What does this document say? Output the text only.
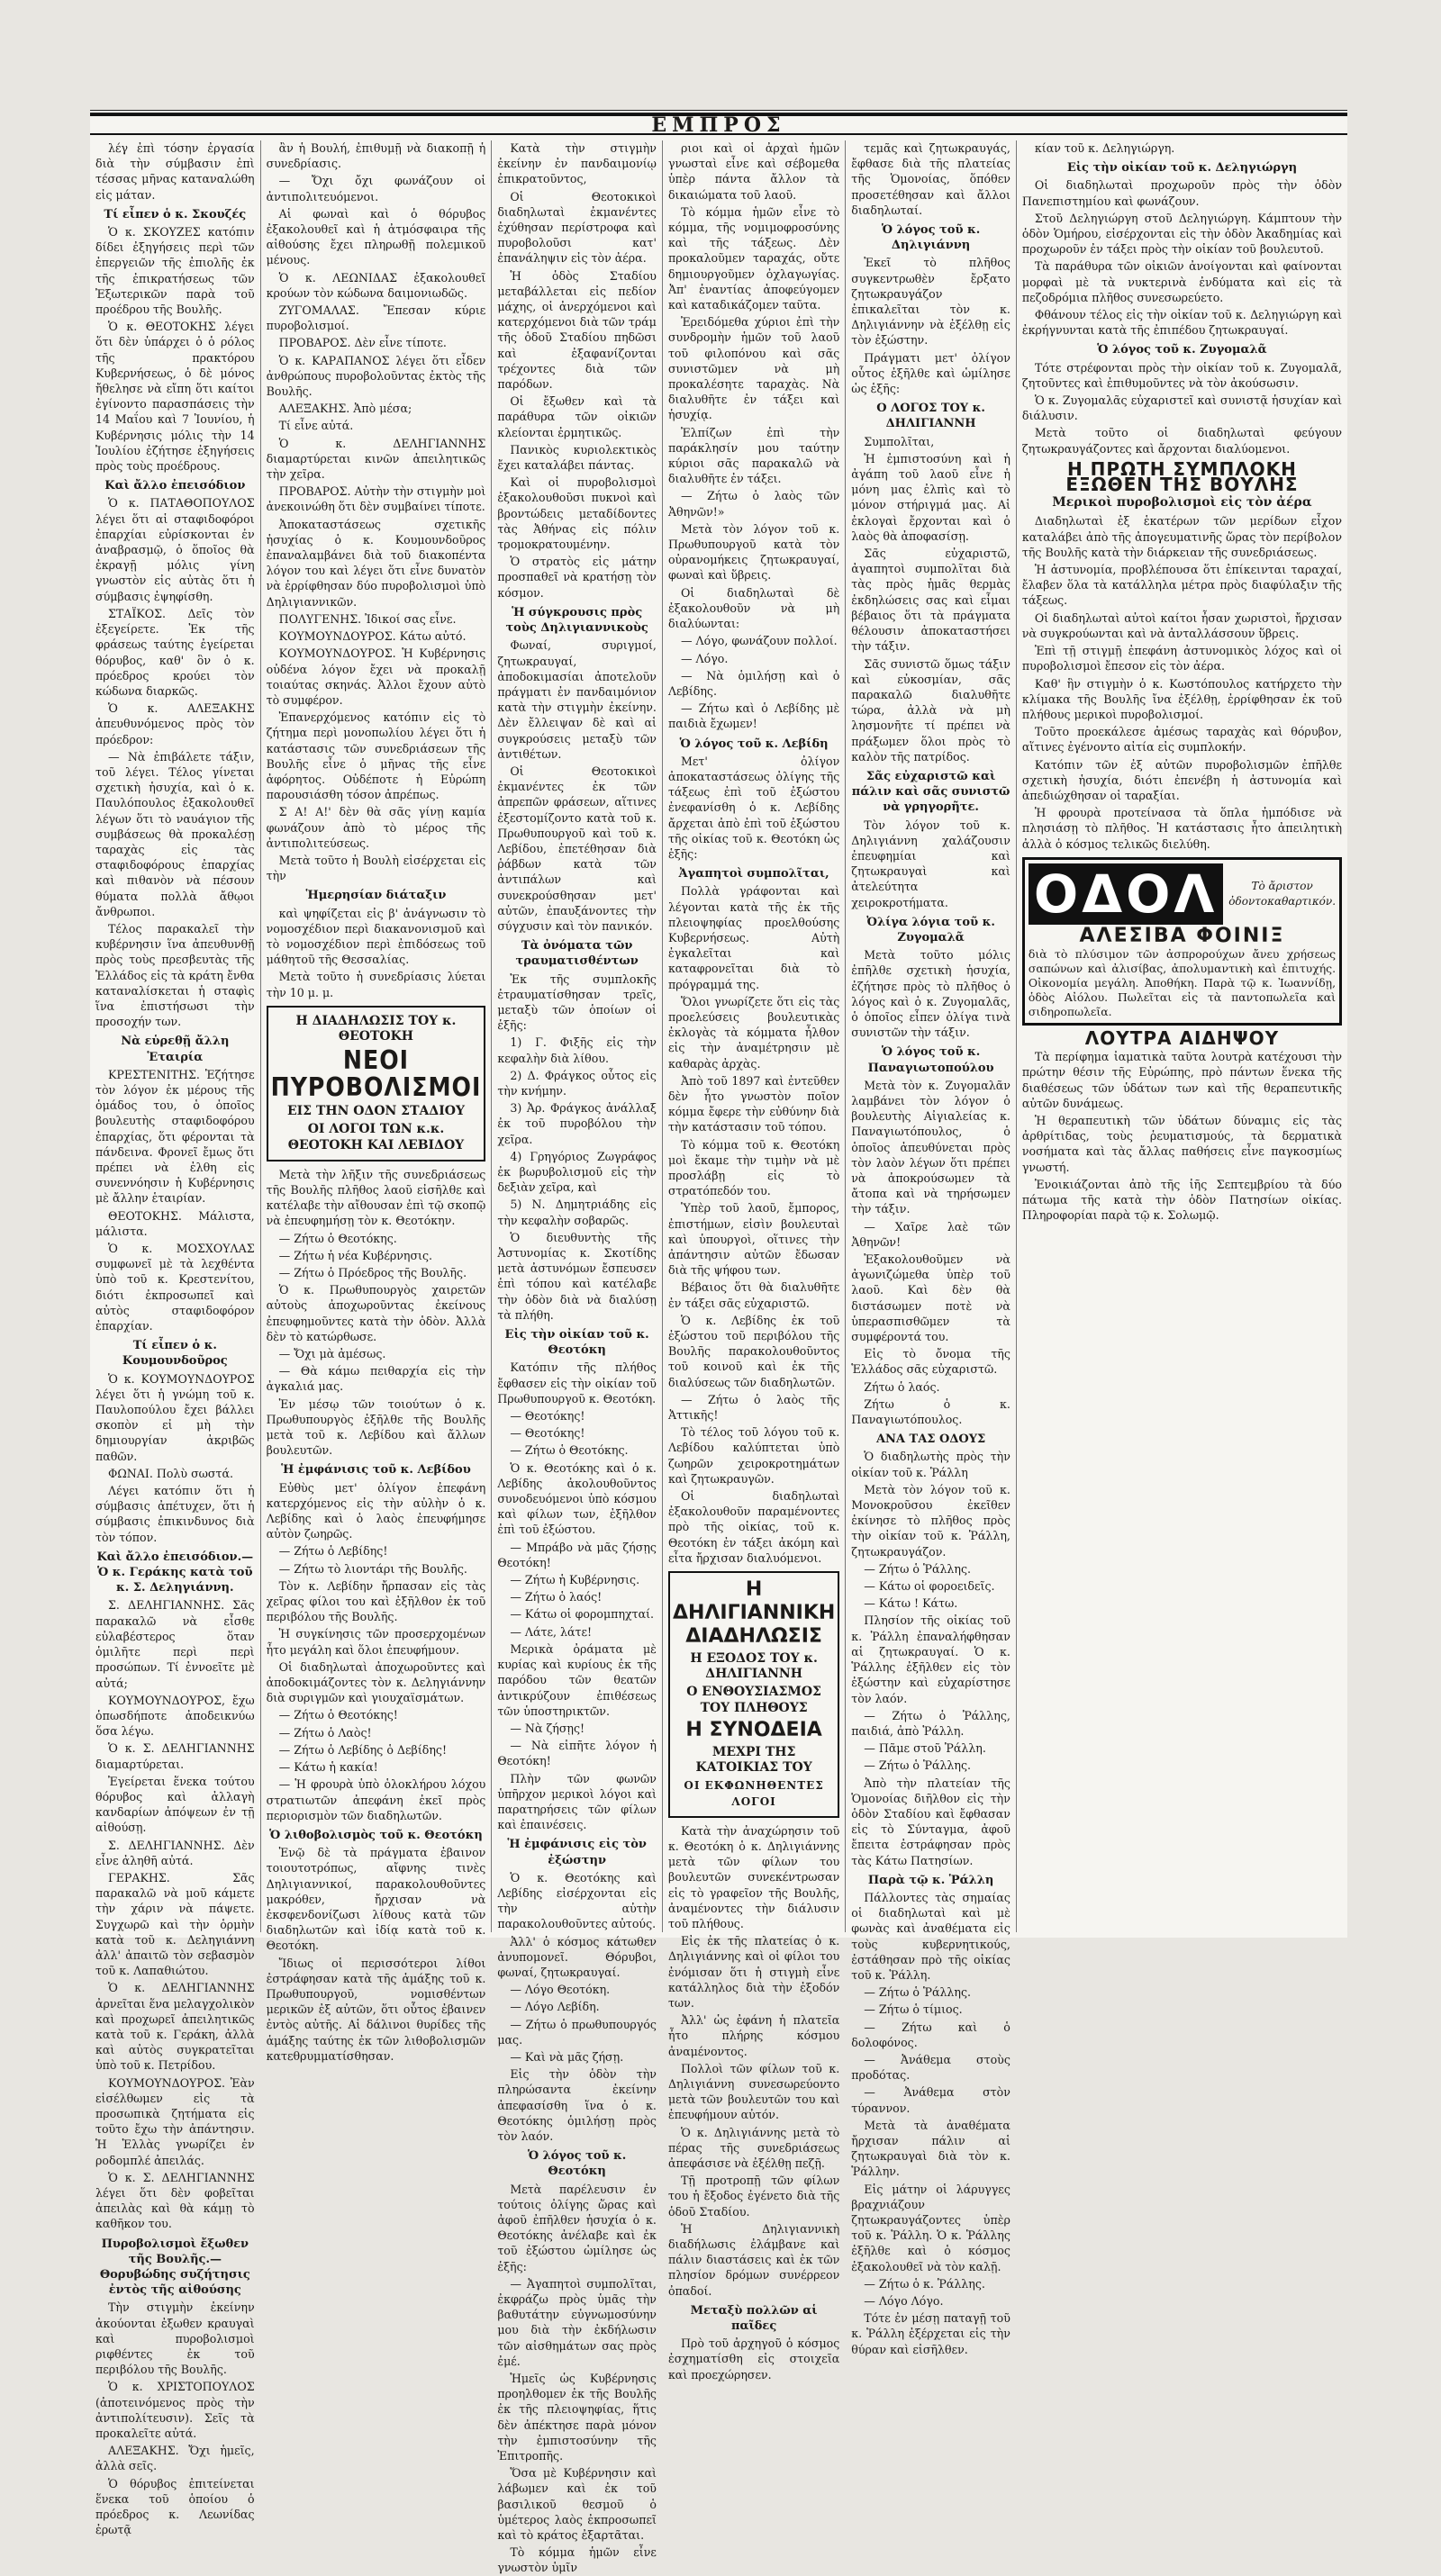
ΕΜΠΡΟΣ

λέγ ἐπὶ τόσην ἐργασία διὰ τὴν σύμβασιν ἐπὶ τέσσας μῆνας καταναλώθη εἰς μάταν.

Τί εἶπεν ὁ κ. Σκουζές

Ὁ κ. ΣΚΟΥΖΕΣ κατόπιν δίδει ἐξηγήσεις περὶ τῶν ἐπεργειῶν τῆς ἐπιολῆς ἐκ τῆς ἐπικρατήσεως τῶν Ἐξωτερικῶν παρὰ τοῦ προέδρου τῆς Βουλῆς.

Ὁ κ. ΘΕΟΤΟΚΗΣ λέγει ὅτι δὲν ὑπάρχει ὁ ὁ ρόλος τῆς πρακτόρου Κυβερνήσεως, ὁ δὲ μόνος ἤθελησε νὰ εἴπη ὅτι καίτοι ἐγίνοντο παρασπάσεις τὴν 14 Μαΐου καὶ 7 Ἰουνίου, ἡ Κυβέρνησις μόλις τὴν 14 Ἰουλίου ἐζήτησε ἐξηγήσεις πρὸς τοὺς προέδρους.

Καὶ ἄλλο ἐπεισόδιον

Ὁ κ. ΠΑΤΑΘΟΠΟΥΛΟΣ λέγει ὅτι αἱ σταφιδοφόροι ἐπαρχίαι εὐρίσκονται ἐν ἀναβρασμῷ, ὁ ὅποῖος θὰ ἐκραγῇ μόλις γίνη γνωστὸν εἰς αὐτὰς ὅτι ἡ σύμβασις ἐψηφίσθη.

ΣΤΑΪΚΟΣ. Δεῖς τὸν ἐξεγείρετε. Ἐκ τῆς φράσεως ταύτης ἐγείρεται θόρυβος, καθ' ὃν ὁ κ. πρόεδρος κρούει τὸν κώδωνα διαρκῶς.

Ὁ κ. ΑΛΕΞΑΚΗΣ ἀπευθυνόμενος πρὸς τὸν πρόεδρον:

— Νὰ ἐπιβάλετε τάξιν, τοῦ λέγει. Τέλος γίνεται σχετικὴ ἡσυχία, καὶ ὁ κ. Παυλόπουλος ἐξακολουθεῖ λέγων ὅτι τὸ ναυάγιον τῆς συμβάσεως θὰ προκαλέσῃ ταραχὰς εἰς τὰς σταφιδοφόρους ἐπαρχίας καὶ πιθανὸν νὰ πέσουν θύματα πολλὰ ἄθῳοι ἄνθρωποι.

Τέλος παρακαλεῖ τὴν κυβέρνησιν ἵνα ἀπευθυνθῇ πρὸς τοὺς πρεσβευτὰς τῆς Ἑλλάδος εἰς τὰ κράτη ἔνθα καταναλίσκεται ἡ σταφὶς ἵνα ἐπιστήσωσι τὴν προσοχήν των.

Νὰ εὑρεθῇ ἄλλη Ἑταιρία

ΚΡΕΣΤΕΝΙΤΗΣ. Ἐζήτησε τὸν λόγον ἐκ μέρους τῆς ὁμάδος του, ὁ ὁποῖος βουλευτὴς σταφιδοφόρου ἐπαρχίας, ὅτι φέρονται τὰ πάνδεινα. Φρονεῖ ἔμως ὅτι πρέπει νὰ ἐλθη εἰς συνεννόησιν ἡ Κυβέρνησις μὲ ἄλλην ἑταιρίαν.

ΘΕΟΤΟΚΗΣ. Μάλιστα, μάλιστα.

Ὁ κ. ΜΟΣΧΟΥΛΑΣ συμφωνεῖ μὲ τὰ λεχθέντα ὑπὸ τοῦ κ. Κρεστενίτου, διότι ἐκπροσωπεῖ καὶ αὐτὸς σταφιδοφόρον ἐπαρχίαν.

Τί εἶπεν ὁ κ. Κουμουνδοῦρος

Ὁ κ. ΚΟΥΜΟΥΝΔΟΥΡΟΣ λέγει ὅτι ἡ γνώμη τοῦ κ. Παυλοπούλου ἔχει βάλλει σκοπὸν εἰ μὴ τὴν δημιουργίαν ἀκριβῶς παθῶν.

ΦΩΝΑΙ. Πολὺ σωστά.

Λέγει κατόπιν ὅτι ἡ σύμβασις ἀπέτυχεν, ὅτι ἡ σύμβασις ἐπικινδυνος διὰ τὸν τόπον.

Καὶ ἄλλο ἐπεισόδιον.— Ὁ κ. Γεράκης κατὰ τοῦ κ. Σ. Δεληγιάννη.

Σ. ΔΕΛΗΓΙΑΝΝΗΣ. Σᾶς παρακαλῶ νὰ εἶσθε εὐλαβέστερος ὅταν ὁμιλῆτε περὶ περὶ προσώπων. Τί ἐννοεῖτε μὲ αὐτά;

ΚΟΥΜΟΥΝΔΟΥΡΟΣ, ἔχω ὁπωσδήποτε ἀποδεικνύω ὅσα λέγω.

Ὁ κ. Σ. ΔΕΛΗΓΙΑΝΝΗΣ διαμαρτύρεται.

Ἐγείρεται ἕνεκα τούτου θόρυβος καὶ ἀλλαγὴ κανδαρίων ἀπόψεων ἐν τῇ αἰθούσῃ.

Σ. ΔΕΛΗΓΙΑΝΝΗΣ. Δὲν εἶνε ἀληθῆ αὐτά.

ΓΕΡΑΚΗΣ. Σᾶς παρακαλῶ νὰ μοῦ κάμετε τὴν χάριν νὰ πάψετε. Συγχωρῶ καὶ τὴν ὁρμὴν κατὰ τοῦ κ. Δεληγιάννη ἀλλ' ἀπαιτῶ τὸν σεβασμὸν τοῦ κ. Λαπαθιώτου.

Ὁ κ. ΔΕΛΗΓΙΑΝΝΗΣ ἀρνεῖται ἕνα μελαγχολικὸν καὶ προχωρεῖ ἀπειλητικῶς κατὰ τοῦ κ. Γεράκη, ἀλλὰ καὶ αὐτὸς συγκρατεῖται ὑπὸ τοῦ κ. Πετρίδου.

ΚΟΥΜΟΥΝΔΟΥΡΟΣ. Ἐὰν εἰσέλθωμεν εἰς τὰ προσωπικὰ ζητήματα εἰς τοῦτο ἔχω τὴν ἀπάντησιν. Ἡ Ἑλλὰς γνωρίζει ἐν ροδομπλέ ἀπειλάς.

Ὁ κ. Σ. ΔΕΛΗΓΙΑΝΝΗΣ λέγει ὅτι δὲν φοβεῖται ἀπειλὰς καὶ θὰ κάμῃ τὸ καθῆκον του.

Πυροβολισμοὶ ἔξωθεν τῆς Βουλῆς.— Θορυβώδης συζήτησις ἐντὸς τῆς αἰθούσης

Τὴν στιγμὴν ἐκείνην ἀκούονται ἐξωθεν κραυγαὶ καὶ πυροβολισμοὶ ριφθέντες ἐκ τοῦ περιβόλου τῆς Βουλῆς.

Ὁ κ. ΧΡΙΣΤΟΠΟΥΛΟΣ (ἀποτεινόμενος πρὸς τὴν ἀντιπολίτευσιν). Σεῖς τὰ προκαλεῖτε αὐτά.

ΑΛΕΞΑΚΗΣ. Ὄχι ἡμεῖς, ἀλλὰ σεῖς.

Ὁ θόρυβος ἐπιτείνεται ἕνεκα τοῦ ὁποίου ὁ πρόεδρος κ. Λεωνίδας ἐρωτᾷ

ἂν ἡ Βουλή, ἐπιθυμῇ νὰ διακοπῇ ἡ συνεδρίασις.

— Ὄχι ὄχι φωνάζουν οἱ ἀντιπολιτευόμενοι.

Αἱ φωναὶ καὶ ὁ θόρυβος ἐξακολουθεῖ καὶ ἡ ἀτμόσφαιρα τῆς αἰθούσης ἔχει πληρωθῇ πολεμικοῦ μένους.

Ὁ κ. ΛΕΩΝΙΔΑΣ ἐξακολουθεῖ κρούων τὸν κώδωνα δαιμονιωδῶς.

ΖΥΓΟΜΑΛΑΣ. Ἔπεσαν κύριε πυροβολισμοί.

ΠΡΟΒΑΡΟΣ. Δὲν εἶνε τίποτε.

Ὁ κ. ΚΑΡΑΠΑΝΟΣ λέγει ὅτι εἶδεν ἀνθρώπους πυροβολοῦντας ἐκτὸς τῆς Βουλῆς.

ΑΛΕΞΑΚΗΣ. Ἀπὸ μέσα;

Τί εἶνε αὐτά.

Ὁ κ. ΔΕΛΗΓΙΑΝΝΗΣ διαμαρτύρεται κινῶν ἀπειλητικῶς τὴν χεῖρα.

ΠΡΟΒΑΡΟΣ. Αὐτὴν τὴν στιγμὴν μοὶ ἀνεκοινώθη ὅτι δὲν συμβαίνει τίποτε.

Ἀποκαταστάσεως σχετικῆς ἡσυχίας ὁ κ. Κουμουνδοῦρος ἐπαναλαμβάνει διὰ τοῦ διακοπέντα λόγον του καὶ λέγει ὅτι εἶνε δυνατὸν νὰ ἐρρίφθησαν δύο πυροβολισμοὶ ὑπὸ Δηλιγιαννικῶν.

ΠΟΛΥΓΕΝΗΣ. Ἰδικοί σας εἶνε.

ΚΟΥΜΟΥΝΔΟΥΡΟΣ. Κάτω αὐτό.

ΚΟΥΜΟΥΝΔΟΥΡΟΣ. Ἡ Κυβέρνησις οὐδένα λόγον ἔχει νὰ προκαλῇ τοιαύτας σκηνάς. Ἀλλοι ἔχουν αὐτὸ τὸ συμφέρον.

Ἐπανερχόμενος κατόπιν εἰς τὸ ζήτημα περὶ μονοπωλίου λέγει ὅτι ἡ κατάστασις τῶν συνεδριάσεων τῆς Βουλῆς εἶνε ὁ μῆνας τῆς εἶνε ἀφόρητος. Οὐδέποτε ἡ Εὐρώπη παρουσιάσθη τόσον ἀπρέπως.

Σ Α! Α!' δὲν θὰ σᾶς γίνῃ καμία φωνάζουν ἀπὸ τὸ μέρος τῆς ἀντιπολιτεύσεως.

Μετὰ τοῦτο ἡ Βουλὴ εἰσέρχεται εἰς τὴν

Ἡμερησίαν διάταξιν

καὶ ψηφίζεται εἰς β' ἀνάγνωσιν τὸ νομοσχέδιον περὶ διακανονισμοῦ καὶ τὸ νομοσχέδιον περὶ ἐπιδόσεως τοῦ μάθητοῦ τῆς Θεσσαλίας.

Μετὰ τοῦτο ἡ συνεδρίασις λύεται τὴν 10 μ. μ.

Η ΔΙΑΔΗΛΩΣΙΣ ΤΟΥ κ. ΘΕΟΤΟΚΗ
ΝΕΟΙ ΠΥΡΟΒΟΛΙΣΜΟΙ
ΕΙΣ ΤΗΝ ΟΔΟΝ ΣΤΑΔΙΟΥ
ΟΙ ΛΟΓΟΙ ΤΩΝ κ.κ. ΘΕΟΤΟΚΗ ΚΑΙ ΛΕΒΙΔΟΥ

Μετὰ τὴν λῆξιν τῆς συνεδριάσεως τῆς Βουλῆς πλῆθος λαοῦ εἰσῆλθε καὶ κατέλαβε τὴν αἴθουσαν ἐπὶ τῷ σκοπῷ νὰ ἐπευφημήσῃ τὸν κ. Θεοτόκην.

— Ζήτω ὁ Θεοτόκης.

— Ζήτω ἡ νέα Κυβέρνησις.

— Ζήτω ὁ Πρόεδρος τῆς Βουλῆς.

Ὁ κ. Πρωθυπουργὸς χαιρετῶν αὐτοὺς ἀποχωροῦντας ἐκείνους ἐπευφημοῦντες κατὰ τὴν ὁδὸν. Ἀλλὰ δὲν τὸ κατώρθωσε.

— Ὄχι μὰ ἀμέσως.

— Θὰ κάμω πειθαρχία εἰς τὴν ἀγκαλιά μας.

Ἐν μέσῳ τῶν τοιούτων ὁ κ. Πρωθυπουργὸς ἐξῆλθε τῆς Βουλῆς μετὰ τοῦ κ. Λεβίδου καὶ ἄλλων βουλευτῶν.

Ἡ ἐμφάνισις τοῦ κ. Λεβίδου

Εὐθὺς μετ' ὀλίγον ἐπεφάνη κατερχόμενος εἰς τὴν αὐλὴν ὁ κ. Λεβίδης καὶ ὁ λαὸς ἐπευφήμησε αὐτὸν ζωηρῶς.

— Ζήτω ὁ Λεβίδης!

— Ζήτω τὸ λιοντάρι τῆς Βουλῆς.

Τὸν κ. Λεβίδην ἤρπασαν εἰς τὰς χεῖρας φίλοι του καὶ ἐξῆλθον ἐκ τοῦ περιβόλου τῆς Βουλῆς.

Ἡ συγκίνησις τῶν προσερχομένων ἦτο μεγάλη καὶ ὅλοι ἐπευφήμουν.

Οἱ διαδηλωταὶ ἀποχωροῦντες καὶ ἀποδοκιμάζοντες τὸν κ. Δεληγιάννην διὰ συριγμῶν καὶ γιουχαϊσμάτων.

— Ζήτω ὁ Θεοτόκης!

— Ζήτω ὁ Λαὸς!

— Ζήτω ὁ Λεβίδης ὁ Δεβίδης!

— Κάτω ἡ κακία!

— Ἡ φρουρὰ ὑπὸ ὁλοκλήρου λόχου στρατιωτῶν ἀπεφάνη ἐκεῖ πρὸς περιορισμὸν τῶν διαδηλωτῶν.

Ὁ λιθοβολισμὸς τοῦ κ. Θεοτόκη

Ἐνῷ δὲ τὰ πράγματα ἐβαινον τοιουτοτρόπως, αἴφνης τινὲς Δηλιγιαννικοί, παρακολουθοῦντες μακρόθεν, ἤρχισαν νὰ ἐκσφενδονίζωσι λίθους κατὰ τῶν διαδηλωτῶν καὶ ἰδίᾳ κατὰ τοῦ κ. Θεοτόκη.

Ἴδιως οἱ περισσότεροι λίθοι ἐστράφησαν κατὰ τῆς ἁμάξης τοῦ κ. Πρωθυπουργοῦ, νομισθέντων μερικῶν ἐξ αὐτῶν, ὅτι οὗτος ἐβαινεν ἐντὸς αὐτῆς. Αἱ δάλινοι θυρίδες τῆς ἁμάξης ταύτης ἐκ τῶν λιθοβολισμῶν κατεθρυμματίσθησαν.

Κατὰ τὴν στιγμὴν ἐκείνην ἐν πανδαιμονίῳ ἐπικρατοῦντος,

Οἱ Θεοτοκικοὶ διαδηλωταὶ ἐκμανέντες ἐχύθησαν περίστροφα καὶ πυροβολοῦσι κατ' ἐπανάληψιν εἰς τὸν ἀέρα.

Ἡ ὁδὸς Σταδίου μεταβάλλεται εἰς πεδίον μάχης, οἱ ἀνερχόμενοι καὶ κατερχόμενοι διὰ τῶν τράμ τῆς ὁδοῦ Σταδίου πηδῶσι καὶ ἐξαφανίζονται τρέχοντες διὰ τῶν παρόδων.

Οἱ ἔξωθεν καὶ τὰ παράθυρα τῶν οἰκιῶν κλείονται ἐρμητικῶς.

Πανικὸς κυριολεκτικὸς ἔχει καταλάβει πάντας.

Καὶ οἱ πυροβολισμοὶ ἐξακολουθοῦσι πυκνοὶ καὶ βροντώδεις μεταδίδοντες τὰς Ἀθήνας εἰς πόλιν τρομοκρατουμένην.

Ὁ στρατὸς εἰς μάτην προσπαθεῖ νὰ κρατήσῃ τὸν κόσμον.

Ἡ σύγκρουσις πρὸς τοὺς Δηλιγιαννικοὺς

Φωναί, συριγμοί, ζητωκραυγαί, ἀποδοκιμασίαι ἀποτελοῦν πράγματι ἐν πανδαιμόνιον κατὰ τὴν στιγμὴν ἐκείνην. Δὲν ἔλλειψαν δὲ καὶ αἱ συγκρούσεις μεταξὺ τῶν ἀντιθέτων.

Οἱ Θεοτοκικοὶ ἐκμανέντες ἐκ τῶν ἀπρεπῶν φράσεων, αἵτινες ἐξεστομίζοντο κατὰ τοῦ κ. Πρωθυπουργοῦ καὶ τοῦ κ. Λεβίδου, ἐπετέθησαν διὰ ῥάβδων κατὰ τῶν ἀντιπάλων καὶ συνεκρούσθησαν μετ' αὐτῶν, ἐπαυξάνοντες τὴν σύγχυσιν καὶ τὸν πανικόν.

Τὰ ὀνόματα τῶν τραυματισθέντων

Ἐκ τῆς συμπλοκῆς ἐτραυματίσθησαν τρεῖς, μεταξὺ τῶν ὁποίων οἱ ἑξῆς:

1) Γ. Φιξῆς εἰς τὴν κεφαλὴν διὰ λίθου.

2) Δ. Φράγκος οὗτος εἰς τὴν κνήμην.

3) Ἀρ. Φράγκος ἀνάλλαξ ἐκ τοῦ πυροβόλου τὴν χεῖρα.

4) Γρηγόριος Ζωγράφος ἐκ βωρυβολισμοῦ εἰς τὴν δεξιὰν χεῖρα, καὶ

5) Ν. Δημητριάδης εἰς τὴν κεφαλὴν σοβαρῶς.

Ὁ διευθυντὴς τῆς Ἀστυνομίας κ. Σκοτίδης μετὰ ἀστυνόμων ἔσπευσεν ἐπὶ τόπου καὶ κατέλαβε τὴν ὁδὸν διὰ νὰ διαλύσῃ τὰ πλήθη.

Εἰς τὴν οἰκίαν τοῦ κ. Θεοτόκη

Κατόπιν τῆς πλήθος ἔφθασεν εἰς τὴν οἰκίαν τοῦ Πρωθυπουργοῦ κ. Θεοτόκη.

— Θεοτόκης!

— Θεοτόκης!

— Ζήτω ὁ Θεοτόκης.

Ὁ κ. Θεοτόκης καὶ ὁ κ. Λεβίδης ἀκολουθοῦντος συνοδευόμενοι ὑπὸ κόσμου καὶ φίλων των, ἐξῆλθον ἐπὶ τοῦ ἐξώστου.

— Μπράβο νὰ μᾶς ζήσῃς Θεοτόκη!

— Ζήτω ἡ Κυβέρνησις.

— Ζήτω ὁ λαός!

— Κάτω οἱ φορομπηχταί.

— Λάτε, λάτε!

Μερικὰ ὀράματα μὲ κυρίας καὶ κυρίους ἐκ τῆς παρόδου τῶν θεατῶν ἀντικρύζουν ἐπιθέσεως τῶν ὑποστηρικτῶν.

— Νὰ ζήσῃς!

— Νὰ εἰπῆτε λόγον ἡ Θεοτόκη!

Πλὴν τῶν φωνῶν ὑπῆρχον μερικοὶ λόγοι καὶ παρατηρήσεις τῶν φίλων καὶ ἐπαινέσεις.

Ἡ ἐμφάνισις εἰς τὸν ἐξώστην

Ὁ κ. Θεοτόκης καὶ Λεβίδης εἰσέρχονται εἰς τὴν αὐτὴν παρακολουθοῦντες αὐτούς.

Ἀλλ' ὁ κόσμος κάτωθεν ἀνυπομονεῖ. Θόρυβοι, φωναί, ζητωκραυγαί.

— Λόγο Θεοτόκη.

— Λόγο Λεβίδη.

— Ζήτω ὁ πρωθυπουργός μας.

— Καὶ νὰ μᾶς ζήσῃ.

Εἰς τὴν ὁδὸν τὴν πληρώσαντα ἐκείνην ἀπεφασίσθη ἵνα ὁ κ. Θεοτόκης ὁμιλήσῃ πρὸς τὸν λαόν.

Ὁ λόγος τοῦ κ. Θεοτόκη

Μετὰ παρέλευσιν ἐν τούτοις ὀλίγης ὥρας καὶ ἀφοῦ ἐπῆλθεν ἡσυχία ὁ κ. Θεοτόκης ἀνέλαβε καὶ ἐκ τοῦ ἐξώστου ὡμίλησε ὡς ἑξῆς:

— Ἀγαπητοὶ συμπολῖται, ἐκφράζω πρὸς ὑμᾶς τὴν βαθυτάτην εὐγνωμοσύνην μου διὰ τὴν ἐκδήλωσιν τῶν αἰσθημάτων σας πρὸς ἐμέ.

Ἡμεῖς ὡς Κυβέρνησις προηλθομεν ἐκ τῆς Βουλῆς ἐκ τῆς πλειοψηφίας, ἥτις δὲν ἀπέκτησε παρὰ μόνον τὴν ἐμπιστοσύνην τῆς Ἐπιτροπῆς.

Ὅσα μὲ Κυβέρνησιν καὶ λάβωμεν καὶ ἐκ τοῦ βασιλικοῦ θεσμοῦ ὁ ὑμέτερος λαὸς ἐκπροσωπεῖ καὶ τὸ κράτος ἐξαρτᾶται.

Τὸ κόμμα ἡμῶν εἶνε γνωστὸν ὑμῖν

ριοι καὶ οἱ ἀρχαὶ ἡμῶν γνωσταὶ εἶνε καὶ σέβομεθα ὑπὲρ πάντα ἄλλον τὰ δικαιώματα τοῦ λαοῦ.

Τὸ κόμμα ἡμῶν εἶνε τὸ κόμμα, τῆς νομιμοφροσύνης καὶ τῆς τάξεως. Δὲν προκαλοῦμεν ταραχάς, οὔτε δημιουργοῦμεν ὀχλαγωγίας. Ἀπ' ἐναντίας ἀποφεύγομεν καὶ καταδικάζομεν ταῦτα.

Ἐρειδόμεθα χύριοι ἐπὶ τὴν συνδρομὴν ἡμῶν τοῦ λαοῦ τοῦ φιλοπόνου καὶ σᾶς συνιστῶμεν νὰ μὴ προκαλέσητε ταραχὰς. Νὰ διαλυθῆτε ἐν τάξει καὶ ἡσυχίᾳ.

Ἐλπίζων ἐπὶ τὴν παράκλησίν μου ταύτην κύριοι σᾶς παρακαλῶ νὰ διαλυθῆτε ἐν τάξει.

— Ζήτω ὁ λαὸς τῶν Ἀθηνῶν!»

Μετὰ τὸν λόγον τοῦ κ. Πρωθυπουργοῦ κατὰ τὸν οὐρανομήκεις ζητωκραυγαί, φωναὶ καὶ ὕβρεις.

Οἱ διαδηλωταὶ δὲ ἐξακολουθοῦν νὰ μὴ διαλύωνται:

— Λόγο, φωνάζουν πολλοί.

— Λόγο.

— Νὰ ὁμιλήσῃ καὶ ὁ Λεβίδης.

— Ζήτω καὶ ὁ Λεβίδης μὲ παιδιὰ ἔχωμεν!

Ὁ λόγος τοῦ κ. Λεβίδη

Μετ' ὀλίγον ἀποκαταστάσεως ὀλίγης τῆς τάξεως ἐπὶ τοῦ ἐξώστου ἐνεφανίσθη ὁ κ. Λεβίδης ἄρχεται ἀπὸ ἐπὶ τοῦ ἐξώστου τῆς οἰκίας τοῦ κ. Θεοτόκη ὡς ἑξῆς:

Ἀγαπητοὶ συμπολῖται,

Πολλὰ γράφονται καὶ λέγονται κατὰ τῆς ἐκ τῆς πλειοψηφίας προελθούσης Κυβερνήσεως. Αὐτὴ ἐγκαλεῖται καὶ καταφρονεῖται διὰ τὸ πρόγραμμά της.

Ὅλοι γνωρίζετε ὅτι εἰς τὰς προελεύσεις βουλευτικὰς ἐκλογὰς τὰ κόμματα ἦλθον εἰς τὴν ἀναμέτρησιν μὲ καθαρὰς ἀρχὰς.

Ἀπὸ τοῦ 1897 καὶ ἐντεῦθεν δὲν ἦτο γνωστὸν ποῖον κόμμα ἔφερε τὴν εὐθύνην διὰ τὴν κατάστασιν τοῦ τόπου.

Τὸ κόμμα τοῦ κ. Θεοτόκη μοὶ ἔκαμε τὴν τιμὴν νὰ μὲ προσλάβῃ εἰς τὸ στρατόπεδόν του.

Ὑπὲρ τοῦ λαοῦ, ἔμπορος, ἐπιστήμων, εἰσὶν βουλευταὶ καὶ ὑπουργοὶ, οἵτινες τὴν ἀπάντησιν αὐτῶν ἔδωσαν διὰ τῆς ψήφου των.

Βέβαιος ὅτι θὰ διαλυθῆτε ἐν τάξει σᾶς εὐχαριστῶ.

Ὁ κ. Λεβίδης ἐκ τοῦ ἐξώστου τοῦ περιβόλου τῆς Βουλῆς παρακολουθοῦντος τοῦ κοινοῦ καὶ ἐκ τῆς διαλύσεως τῶν διαδηλωτῶν.

— Ζήτω ὁ λαὸς τῆς Ἀττικῆς!

Τὸ τέλος τοῦ λόγου τοῦ κ. Λεβίδου καλύπτεται ὑπὸ ζωηρῶν χειροκροτημάτων καὶ ζητωκραυγῶν.

Οἱ διαδηλωταὶ ἐξακολουθοῦν παραμένοντες πρὸ τῆς οἰκίας, τοῦ κ. Θεοτόκη ἐν τάξει ἀκόμη καὶ εἶτα ἤρχισαν διαλυόμενοι.

Η ΔΗΛΙΓΙΑΝΝΙΚΗ ΔΙΑΔΗΛΩΣΙΣ
Η ΕΞΟΔΟΣ ΤΟΥ κ. ΔΗΛΙΓΙΑΝΝΗ
Ο ΕΝΘΟΥΣΙΑΣΜΟΣ ΤΟΥ ΠΛΗΘΟΥΣ
Η ΣΥΝΟΔΕΙΑ
ΜΕΧΡΙ ΤΗΣ ΚΑΤΟΙΚΙΑΣ ΤΟΥ
ΟΙ ΕΚΦΩΝΗΘΕΝΤΕΣ ΛΟΓΟΙ

Κατὰ τὴν ἀναχώρησιν τοῦ κ. Θεοτόκη ὁ κ. Δηλιγιάννης μετὰ τῶν φίλων του βουλευτῶν συνεκέντρωσαν εἰς τὸ γραφεῖον τῆς Βουλῆς, ἀναμένοντες τὴν διάλυσιν τοῦ πλήθους.

Εἰς ἐκ τῆς πλατείας ὁ κ. Δηλιγιάννης καὶ οἱ φίλοι του ἐνόμισαν ὅτι ἡ στιγμὴ εἶνε κατάλληλος διὰ τὴν ἐξοδόν των.

Ἀλλ' ὡς ἐφάνη ἡ πλατεῖα ἦτο πλήρης κόσμου ἀναμένοντος.

Πολλοὶ τῶν φίλων τοῦ κ. Δηλιγιάννη συνεσωρεύοντο μετὰ τῶν βουλευτῶν του καὶ ἐπευφήμουν αὐτόν.

Ὁ κ. Δηλιγιάννης μετὰ τὸ πέρας τῆς συνεδριάσεως ἀπεφάσισε νὰ ἐξέλθῃ πεζῇ.

Τῇ προτροπῇ τῶν φίλων του ἡ ἔξοδος ἐγένετο διὰ τῆς ὁδοῦ Σταδίου.

Ἡ Δηλιγιαννικὴ διαδήλωσις ἐλάμβανε καὶ πάλιν διαστάσεις καὶ ἐκ τῶν πλησίον δρόμων συνέρρεον ὀπαδοί.

Μεταξὺ πολλῶν αἱ παῖδες

Πρὸ τοῦ ἀρχηγοῦ ὁ κόσμος ἐσχηματίσθη εἰς στοιχεῖα καὶ προεχώρησεν.

τεμᾶς καὶ ζητωκραυγάς, ἔφθασε διὰ τῆς πλατείας τῆς Ὁμονοίας, ὅπόθεν προσετέθησαν καὶ ἄλλοι διαδηλωταί.

Ὁ λόγος τοῦ κ. Δηλιγιάννη

Ἐκεῖ τὸ πλῆθος συγκεντρωθὲν ἔρξατο ζητωκραυγάζον ἐπικαλεῖται τὸν κ. Δηλιγιάννην νὰ ἐξέλθῃ εἰς τὸν ἐξώστην.

Πράγματι μετ' ὀλίγον οὗτος ἐξῆλθε καὶ ὡμίλησε ὡς ἑξῆς:

Ο ΛΟΓΟΣ ΤΟΥ κ. ΔΗΛΙΓΙΑΝΝΗ

Συμπολῖται,

Ἡ ἐμπιστοσύνη καὶ ἡ ἀγάπη τοῦ λαοῦ εἶνε ἡ μόνη μας ἐλπὶς καὶ τὸ μόνον στήριγμά μας. Αἱ ἐκλογαὶ ἔρχονται καὶ ὁ λαὸς θὰ ἀποφασίσῃ.

Σᾶς εὐχαριστῶ, ἀγαπητοὶ συμπολῖται διὰ τὰς πρὸς ἡμᾶς θερμὰς ἐκδηλώσεις σας καὶ εἶμαι βέβαιος ὅτι τὰ πράγματα θέλουσιν ἀποκαταστήσει τὴν τάξιν.

Σᾶς συνιστῶ ὅμως τάξιν καὶ εὐκοσμίαν, σᾶς παρακαλῶ διαλυθῆτε τώρα, ἀλλὰ νὰ μὴ λησμονῆτε τί πρέπει νὰ πράξωμεν ὅλοι πρὸς τὸ καλὸν τῆς πατρίδος.

Σᾶς εὐχαριστῶ καὶ πάλιν καὶ σᾶς συνιστῶ νὰ γρηγορῆτε.

Τὸν λόγον τοῦ κ. Δηλιγιάννη χαλάζουσιν ἐπευφημίαι καὶ ζητωκραυγαὶ καὶ ἀτελεύτητα χειροκροτήματα.

Ὀλίγα λόγια τοῦ κ. Ζυγομαλᾶ

Μετὰ τοῦτο μόλις ἐπῆλθε σχετικὴ ἡσυχία, ἐζήτησε πρὸς τὸ πλῆθος ὁ λόγος καὶ ὁ κ. Ζυγομαλᾶς, ὁ ὁποῖος εἶπεν ὀλίγα τινὰ συνιστῶν τὴν τάξιν.

Ὁ λόγος τοῦ κ. Παναγιωτοπούλου

Μετὰ τὸν κ. Ζυγομαλᾶν λαμβάνει τὸν λόγον ὁ βουλευτὴς Αἰγιαλείας κ. Παναγιωτόπουλος, ὁ ὁποῖος ἀπευθύνεται πρὸς τὸν λαὸν λέγων ὅτι πρέπει νὰ ἀποκρούσωμεν τὰ ἄτοπα καὶ νὰ τηρήσωμεν τὴν τάξιν.

— Χαῖρε λαὲ τῶν Ἀθηνῶν!

Ἐξακολουθοῦμεν νὰ ἀγωνιζώμεθα ὑπὲρ τοῦ λαοῦ. Καὶ δὲν θὰ διστάσωμεν ποτὲ νὰ ὑπερασπισθῶμεν τὰ συμφέροντά του.

Εἰς τὸ ὄνομα τῆς Ἑλλάδος σᾶς εὐχαριστῶ.

Ζήτω ὁ λαός.

Ζήτω ὁ κ. Παναγιωτόπουλος.

ΑΝΑ ΤΑΣ ΟΔΟΥΣ

Ὁ διαδηλωτὴς πρὸς τὴν οἰκίαν τοῦ κ. Ῥάλλη

Μετὰ τὸν λόγον τοῦ κ. Μονοκροῦσου ἐκεῖθεν ἐκίνησε τὸ πλῆθος πρὸς τὴν οἰκίαν τοῦ κ. Ῥάλλη, ζητωκραυγάζον.

— Ζήτω ὁ Ῥάλλης.

— Κάτω οἱ φοροειδεῖς.

— Κάτω ! Κάτω.

Πλησίον τῆς οἰκίας τοῦ κ. Ῥάλλη ἐπαναλήφθησαν αἱ ζητωκραυγαί. Ὁ κ. Ῥάλλης ἐξῆλθεν εἰς τὸν ἐξώστην καὶ εὐχαρίστησε τὸν λαόν.

— Ζήτω ὁ Ῥάλλης, παιδιά, ἀπὸ Ῥάλλη.

— Πᾶμε στοῦ Ῥάλλη.

— Ζήτω ὁ Ῥάλλης.

Ἀπὸ τὴν πλατείαν τῆς Ὁμονοίας διῆλθον εἰς τὴν ὁδὸν Σταδίου καὶ ἔφθασαν εἰς τὸ Σύνταγμα, ἀφοῦ ἔπειτα ἐστράφησαν πρὸς τὰς Κάτω Πατησίων.

Παρὰ τῷ κ. Ῥάλλη

Πάλλοντες τὰς σημαίας οἱ διαδηλωταὶ καὶ μὲ φωνὰς καὶ ἀναθέματα εἰς τοὺς κυβερνητικούς, ἐστάθησαν πρὸ τῆς οἰκίας τοῦ κ. Ῥάλλη.

— Ζήτω ὁ Ῥάλλης.

— Ζήτω ὁ τίμιος.

— Ζήτω καὶ ὁ δολοφόνος.

— Ἀνάθεμα στοὺς προδότας.

— Ἀνάθεμα στὸν τύραννον.

Μετὰ τὰ ἀναθέματα ἤρχισαν πάλιν αἱ ζητωκραυγαὶ διὰ τὸν κ. Ῥάλλην.

Εἰς μάτην οἱ λάρυγγες βραχνιάζουν ζητωκραυγάζοντες ὑπὲρ τοῦ κ. Ῥάλλη. Ὁ κ. Ῥάλλης ἐξῆλθε καὶ ὁ κόσμος ἐξακολουθεῖ νὰ τὸν καλῇ.

— Ζήτω ὁ κ. Ῥάλλης.

— Λόγο Λόγο.

Τότε ἐν μέσῃ παταγῇ τοῦ κ. Ῥάλλη ἐξέρχεται εἰς τὴν θύραν καὶ εἰσῆλθεν.

κίαν τοῦ κ. Δεληγιώργη.

Εἰς τὴν οἰκίαν τοῦ κ. Δεληγιώργη

Οἱ διαδηλωταὶ προχωροῦν πρὸς τὴν ὁδὸν Πανεπιστημίου καὶ φωνάζουν.

Στοῦ Δεληγιώργη στοῦ Δεληγιώργη. Κάμπτουν τὴν ὁδὸν Ὁμήρου, εἰσέρχονται εἰς τὴν ὁδὸν Ἀκαδημίας καὶ προχωροῦν ἐν τάξει πρὸς τὴν οἰκίαν τοῦ βουλευτοῦ.

Τὰ παράθυρα τῶν οἰκιῶν ἀνοίγονται καὶ φαίνονται μορφαὶ μὲ τὰ νυκτερινὰ ἐνδύματα καὶ εἰς τὰ πεζοδρόμια πλῆθος συνεσωρεύετο.

Φθάνουν τέλος εἰς τὴν οἰκίαν τοῦ κ. Δεληγιώργη καὶ ἐκρήγνυνται κατὰ τῆς ἐπιπέδου ζητωκραυγαί.

Ὁ λόγος τοῦ κ. Ζυγομαλᾶ

Τότε στρέφονται πρὸς τὴν οἰκίαν τοῦ κ. Ζυγομαλᾶ, ζητοῦντες καὶ ἐπιθυμοῦντες νὰ τὸν ἀκούσωσιν.

Ὁ κ. Ζυγομαλᾶς εὐχαριστεῖ καὶ συνιστᾷ ἡσυχίαν καὶ διάλυσιν.

Μετὰ τοῦτο οἱ διαδηλωταὶ φεύγουν ζητωκραυγάζοντες καὶ ἄρχονται διαλύομενοι.

Η ΠΡΩΤΗ ΣΥΜΠΛΟΚΗ ΕΞΩΘΕΝ ΤΗΣ ΒΟΥΛΗΣ
Μερικοὶ πυροβολισμοὶ εἰς τὸν ἀέρα

Διαδηλωταὶ ἐξ ἑκατέρων τῶν μερίδων εἶχον καταλάβει ἀπὸ τῆς ἀπογευματινῆς ὥρας τὸν περίβολον τῆς Βουλῆς κατὰ τὴν διάρκειαν τῆς συνεδριάσεως.

Ἡ ἀστυνομία, προβλέπουσα ὅτι ἐπίκεινται ταραχαί, ἔλαβεν ὅλα τὰ κατάλληλα μέτρα πρὸς διαφύλαξιν τῆς τάξεως.

Οἱ διαδηλωταὶ αὐτοὶ καίτοι ἦσαν χωριστοὶ, ἤρχισαν νὰ συγκρούωνται καὶ νὰ ἀνταλλάσσουν ὕβρεις.

Ἐπὶ τῇ στιγμῇ ἐπεφάνη ἀστυνομικὸς λόχος καὶ οἱ πυροβολισμοὶ ἔπεσον εἰς τὸν ἀέρα.

Καθ' ἣν στιγμὴν ὁ κ. Κωστόπουλος κατήρχετο τὴν κλίμακα τῆς Βουλῆς ἴνα ἐξέλθῃ, ἐρρίφθησαν ἐκ τοῦ πλήθους μερικοὶ πυροβολισμοί.

Τοῦτο προεκάλεσε ἀμέσως ταραχὰς καὶ θόρυβον, αἵτινες ἐγένοντο αἰτία εἰς συμπλοκήν.

Κατόπιν τῶν ἐξ αὐτῶν πυροβολισμῶν ἐπῆλθε σχετικὴ ἡσυχία, διότι ἐπενέβη ἡ ἀστυνομία καὶ ἀπεδιώχθησαν οἱ ταραξίαι.

Ἡ φρουρὰ προτείνασα τὰ ὅπλα ἠμπόδισε νὰ πλησιάσῃ τὸ πλῆθος. Ἡ κατάστασις ἦτο ἀπειλητικὴ ἀλλὰ ὁ κόσμος τελικῶς διελύθη.

ΟΔΟΛ	Τὸ ἄριστον ὀδοντοκαθαρτικόν.
ΑΛΕΣΙΒΑ ΦΟΙΝΙΞ
διὰ τὸ πλύσιμον τῶν ἀσπρορούχων ἄνευ χρήσεως σαπώνων καὶ ἀλισίβας, ἀπολυμαντικὴ καὶ ἐπιτυχής. Οἰκονομία μεγάλη. Ἀποθήκη. Παρὰ τῷ κ. Ἰωαννίδῃ, ὁδὸς Αἰόλου. Πωλεῖται εἰς τὰ παντοπωλεῖα καὶ σιδηροπωλεῖα.
ΛΟΥΤΡΑ ΑΙΔΗΨΟΥ

Τὰ περίφημα ἰαματικὰ ταῦτα λουτρὰ κατέχουσι τὴν πρώτην θέσιν τῆς Εὐρώπης, πρὸ πάντων ἕνεκα τῆς διαθέσεως τῶν ὑδάτων των καὶ τῆς θεραπευτικῆς αὐτῶν δυνάμεως.

Ἡ θεραπευτικὴ τῶν ὑδάτων δύναμις εἰς τὰς ἀρθρίτιδας, τοὺς ῥευματισμούς, τὰ δερματικὰ νοσήματα καὶ τὰς ἄλλας παθήσεις εἶνε παγκοσμίως γνωστή.

Ἐνοικιάζονται ἀπὸ τῆς ἰῆς Σεπτεμβρίου τὰ δύο πάτωμα τῆς κατὰ τὴν ὁδὸν Πατησίων οἰκίας. Πληροφορίαι παρὰ τῷ κ. Σολωμῷ.
